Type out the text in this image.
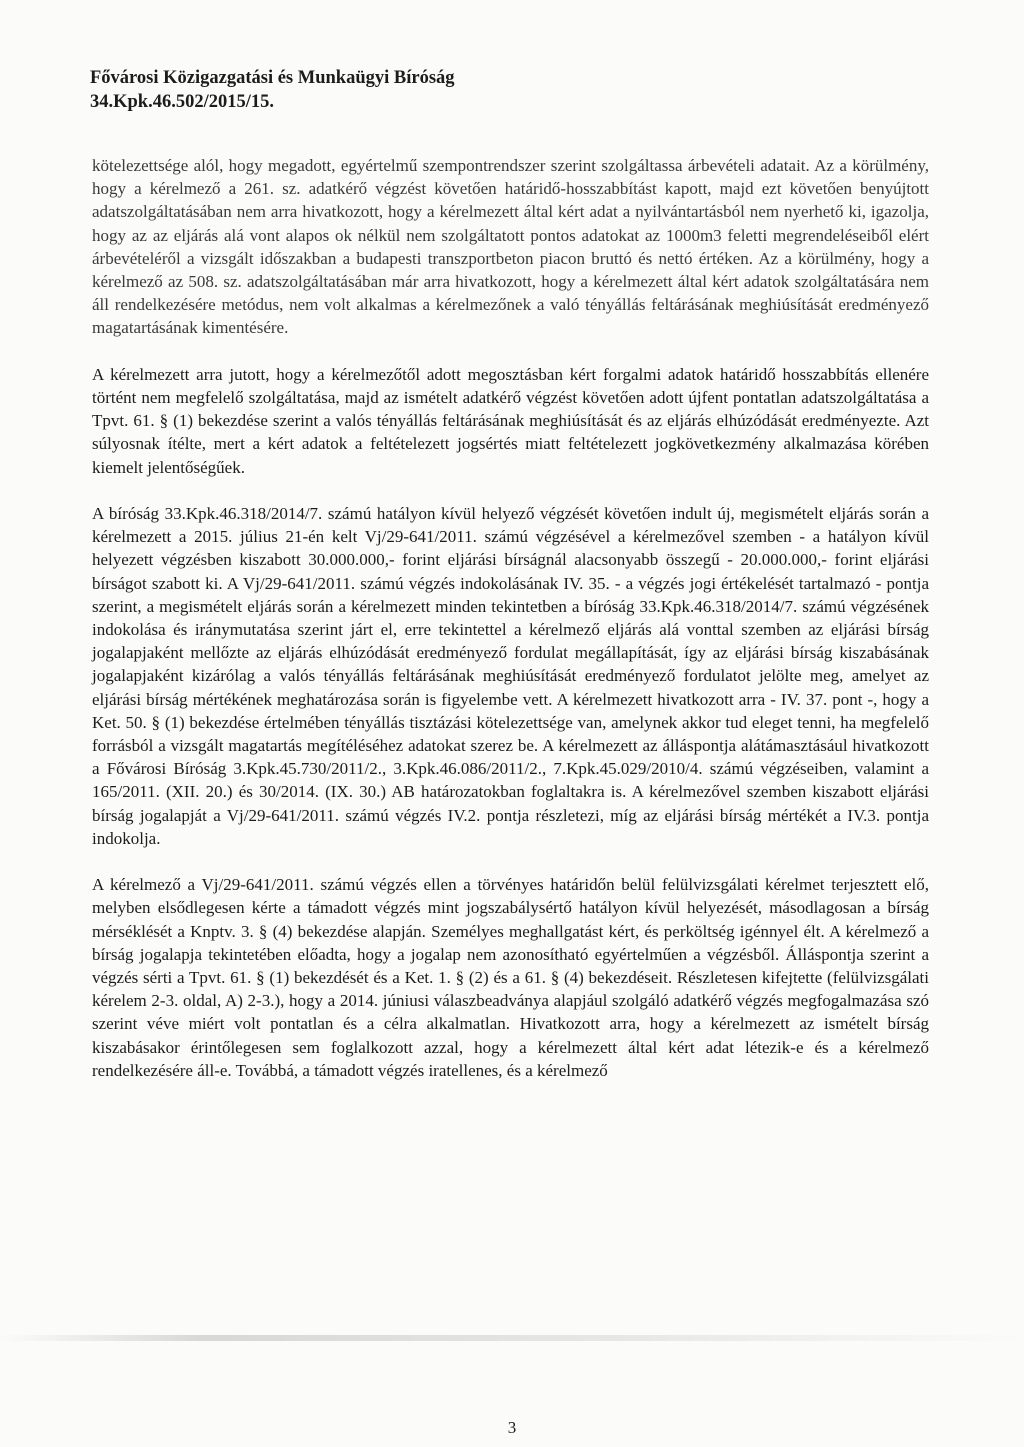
Fővárosi Közigazgatási és Munkaügyi Bíróság
34.Kpk.46.502/2015/15.

kötelezettsége alól, hogy megadott, egyértelmű szempontrendszer szerint szolgáltassa árbevételi adatait. Az a körülmény, hogy a kérelmező a 261. sz. adatkérő végzést követően határidő-hosszabbítást kapott, majd ezt követően benyújtott adatszolgáltatásában nem arra hivatkozott, hogy a kérelmezett által kért adat a nyilvántartásból nem nyerhető ki, igazolja, hogy az az eljárás alá vont alapos ok nélkül nem szolgáltatott pontos adatokat az 1000m3 feletti megrendeléseiből elért árbevételéről a vizsgált időszakban a budapesti transzportbeton piacon bruttó és nettó értéken. Az a körülmény, hogy a kérelmező az 508. sz. adatszolgáltatásában már arra hivatkozott, hogy a kérelmezett által kért adatok szolgáltatására nem áll rendelkezésére metódus, nem volt alkalmas a kérelmezőnek a való tényállás feltárásának meghiúsítását eredményező magatartásának kimentésére.

A kérelmezett arra jutott, hogy a kérelmezőtől adott megosztásban kért forgalmi adatok határidő hosszabbítás ellenére történt nem megfelelő szolgáltatása, majd az ismételt adatkérő végzést követően adott újfent pontatlan adatszolgáltatása a Tpvt. 61. § (1) bekezdése szerint a valós tényállás feltárásának meghiúsítását és az eljárás elhúzódását eredményezte. Azt súlyosnak ítélte, mert a kért adatok a feltételezett jogsértés miatt feltételezett jogkövetkezmény alkalmazása körében kiemelt jelentőségűek.

A bíróság 33.Kpk.46.318/2014/7. számú hatályon kívül helyező végzését követően indult új, megismételt eljárás során a kérelmezett a 2015. július 21-én kelt Vj/29-641/2011. számú végzésével a kérelmezővel szemben - a hatályon kívül helyezett végzésben kiszabott 30.000.000,- forint eljárási bírságnál alacsonyabb összegű - 20.000.000,- forint eljárási bírságot szabott ki. A Vj/29-641/2011. számú végzés indokolásának IV. 35. - a végzés jogi értékelését tartalmazó - pontja szerint, a megismételt eljárás során a kérelmezett minden tekintetben a bíróság 33.Kpk.46.318/2014/7. számú végzésének indokolása és iránymutatása szerint járt el, erre tekintettel a kérelmező eljárás alá vonttal szemben az eljárási bírság jogalapjaként mellőzte az eljárás elhúzódását eredményező fordulat megállapítását, így az eljárási bírság kiszabásának jogalapjaként kizárólag a valós tényállás feltárásának meghiúsítását eredményező fordulatot jelölte meg, amelyet az eljárási bírság mértékének meghatározása során is figyelembe vett. A kérelmezett hivatkozott arra - IV. 37. pont -, hogy a Ket. 50. § (1) bekezdése értelmében tényállás tisztázási kötelezettsége van, amelynek akkor tud eleget tenni, ha megfelelő forrásból a vizsgált magatartás megítéléséhez adatokat szerez be. A kérelmezett az álláspontja alátámasztásául hivatkozott a Fővárosi Bíróság 3.Kpk.45.730/2011/2., 3.Kpk.46.086/2011/2., 7.Kpk.45.029/2010/4. számú végzéseiben, valamint a 165/2011. (XII. 20.) és 30/2014. (IX. 30.) AB határozatokban foglaltakra is. A kérelmezővel szemben kiszabott eljárási bírság jogalapját a Vj/29-641/2011. számú végzés IV.2. pontja részletezi, míg az eljárási bírság mértékét a IV.3. pontja indokolja.

A kérelmező a Vj/29-641/2011. számú végzés ellen a törvényes határidőn belül felülvizsgálati kérelmet terjesztett elő, melyben elsődlegesen kérte a támadott végzés mint jogszabálysértő hatályon kívül helyezését, másodlagosan a bírság mérséklését a Knptv. 3. § (4) bekezdése alapján. Személyes meghallgatást kért, és perköltség igénnyel élt. A kérelmező a bírság jogalapja tekintetében előadta, hogy a jogalap nem azonosítható egyértelműen a végzésből. Álláspontja szerint a végzés sérti a Tpvt. 61. § (1) bekezdését és a Ket. 1. § (2) és a 61. § (4) bekezdéseit. Részletesen kifejtette (felülvizsgálati kérelem 2-3. oldal, A) 2-3.), hogy a 2014. júniusi válaszbeadványa alapjául szolgáló adatkérő végzés megfogalmazása szó szerint véve miért volt pontatlan és a célra alkalmatlan. Hivatkozott arra, hogy a kérelmezett az ismételt bírság kiszabásakor érintőlegesen sem foglalkozott azzal, hogy a kérelmezett által kért adat létezik-e és a kérelmező rendelkezésére áll-e. Továbbá, a támadott végzés iratellenes, és a kérelmező

3
